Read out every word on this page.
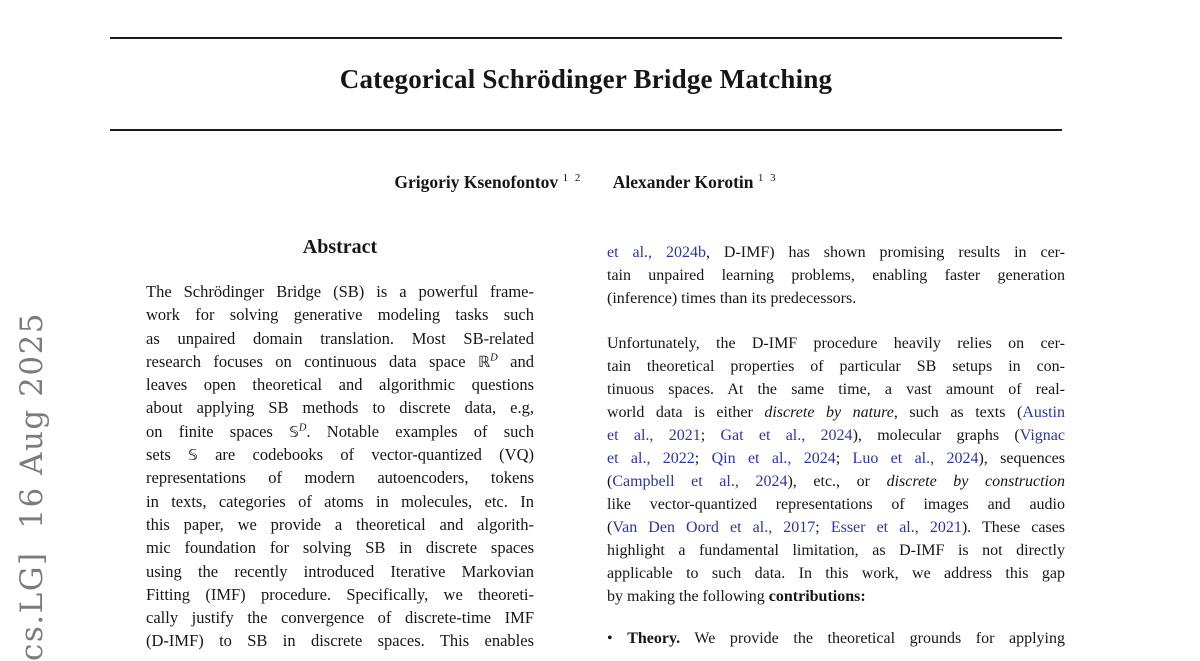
cs.LG]  16 Aug 2025
Categorical Schrödinger Bridge Matching
Grigoriy Ksenofontov $^{1 2}$ Alexander Korotin $^{1 3}$
Abstract
The Schrödinger Bridge (SB) is a powerful frame-
work for solving generative modeling tasks such
as unpaired domain translation. Most SB-related
research focuses on continuous data space ℝ$^D$ and
leaves open theoretical and algorithmic questions
about applying SB methods to discrete data, e.g,
on finite spaces 𝕊$^D$. Notable examples of such
sets 𝕊 are codebooks of vector-quantized (VQ)
representations of modern autoencoders, tokens
in texts, categories of atoms in molecules, etc. In
this paper, we provide a theoretical and algorith-
mic foundation for solving SB in discrete spaces
using the recently introduced Iterative Markovian
Fitting (IMF) procedure. Specifically, we theoreti-
cally justify the convergence of discrete-time IMF
(D-IMF) to SB in discrete spaces. This enables
et al., 2024b, D-IMF) has shown promising results in cer-
tain unpaired learning problems, enabling faster generation
(inference) times than its predecessors.
Unfortunately, the D-IMF procedure heavily relies on cer-
tain theoretical properties of particular SB setups in con-
tinuous spaces. At the same time, a vast amount of real-
world data is either discrete by nature, such as texts (Austin
et al., 2021; Gat et al., 2024), molecular graphs (Vignac
et al., 2022; Qin et al., 2024; Luo et al., 2024), sequences
(Campbell et al., 2024), etc., or discrete by construction
like vector-quantized representations of images and audio
(Van Den Oord et al., 2017; Esser et al., 2021). These cases
highlight a fundamental limitation, as D-IMF is not directly
applicable to such data. In this work, we address this gap
by making the following contributions:
• Theory. We provide the theoretical grounds for applying
